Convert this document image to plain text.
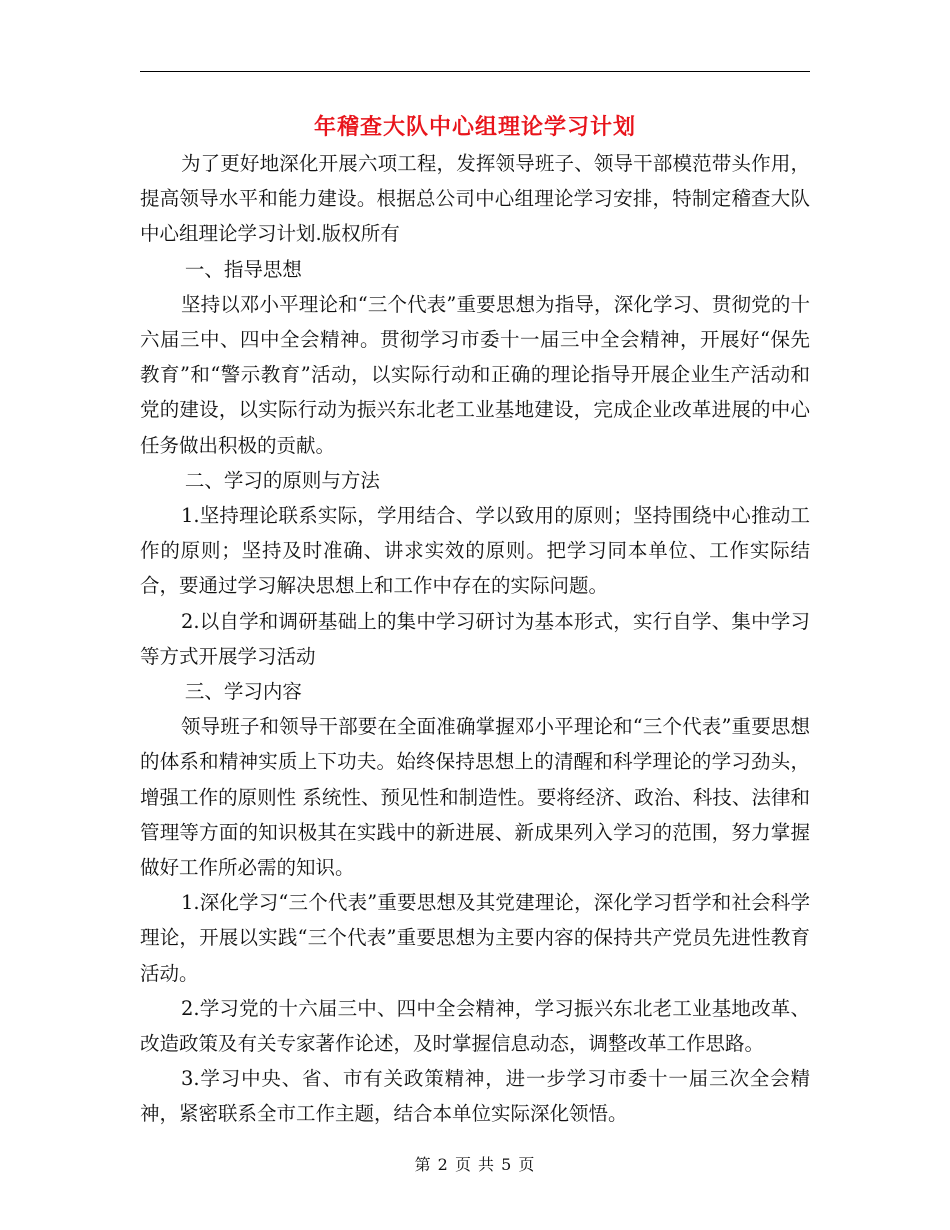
年稽查大队中心组理论学习计划

为了更好地深化开展六项工程，发挥领导班子、领导干部模范带头作用，提高领导水平和能力建设。根据总公司中心组理论学习安排，特制定稽查大队中心组理论学习计划.版权所有

一、指导思想

坚持以邓小平理论和“三个代表”重要思想为指导，深化学习、贯彻党的十六届三中、四中全会精神。贯彻学习市委十一届三中全会精神，开展好“保先教育”和“警示教育”活动，以实际行动和正确的理论指导开展企业生产活动和党的建设，以实际行动为振兴东北老工业基地建设，完成企业改革进展的中心任务做出积极的贡献。

二、学习的原则与方法

1.坚持理论联系实际，学用结合、学以致用的原则；坚持围绕中心推动工作的原则；坚持及时准确、讲求实效的原则。把学习同本单位、工作实际结合，要通过学习解决思想上和工作中存在的实际问题。

2.以自学和调研基础上的集中学习研讨为基本形式，实行自学、集中学习等方式开展学习活动

三、学习内容

领导班子和领导干部要在全面准确掌握邓小平理论和“三个代表”重要思想的体系和精神实质上下功夫。始终保持思想上的清醒和科学理论的学习劲头，增强工作的原则性 系统性、预见性和制造性。要将经济、政治、科技、法律和管理等方面的知识极其在实践中的新进展、新成果列入学习的范围，努力掌握做好工作所必需的知识。

1.深化学习“三个代表”重要思想及其党建理论，深化学习哲学和社会科学理论，开展以实践“三个代表”重要思想为主要内容的保持共产党员先进性教育活动。

2.学习党的十六届三中、四中全会精神，学习振兴东北老工业基地改革、改造政策及有关专家著作论述，及时掌握信息动态，调整改革工作思路。

3.学习中央、省、市有关政策精神，进一步学习市委十一届三次全会精神，紧密联系全市工作主题，结合本单位实际深化领悟。

第 2 页 共 5 页
